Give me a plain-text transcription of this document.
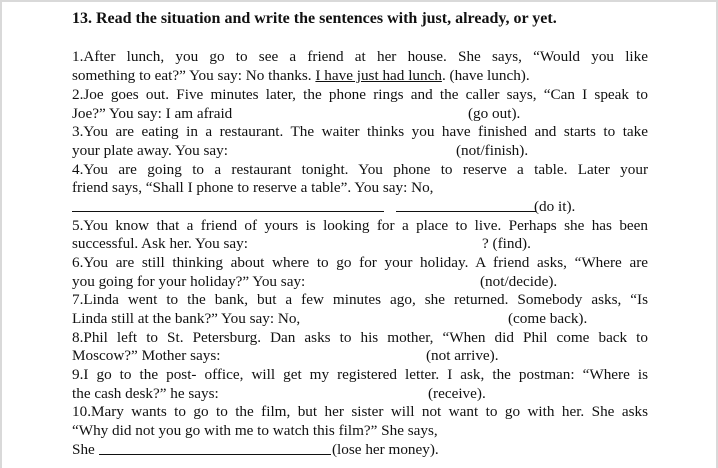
13. Read the situation and write the sentences with just, already, or yet.
1.After lunch, you go to see a friend at her house. She says, “Would you like
something to eat?” You say: No thanks. I have just had lunch. (have lunch).
2.Joe goes out. Five minutes later, the phone rings and the caller says, “Can I speak to
Joe?” You say: I am afraid	(go out).
3.You are eating in a restaurant. The waiter thinks you have finished and starts to take
your plate away. You say:	(not/finish).
4.You are going to a restaurant tonight. You phone to reserve a table. Later your
friend says, “Shall I phone to reserve a table”. You say: No,
(do it).
5.You know that a friend of yours is looking for a place to live. Perhaps she has been
successful. Ask her. You say:	? (find).
6.You are still thinking about where to go for your holiday. A friend asks, “Where are
you going for your holiday?” You say:	(not/decide).
7.Linda went to the bank, but a few minutes ago, she returned. Somebody asks, “Is
Linda still at the bank?” You say: No,	(come back).
8.Phil left to St. Petersburg. Dan asks to his mother, “When did Phil come back to
Moscow?” Mother says:	(not arrive).
9.I go to the post- office, will get my registered letter. I ask, the postman: “Where is
the cash desk?” he says:	(receive).
10.Mary wants to go to the film, but her sister will not want to go with her. She asks
“Why did not you go with me to watch this film?” She says,
She	(lose her money).
